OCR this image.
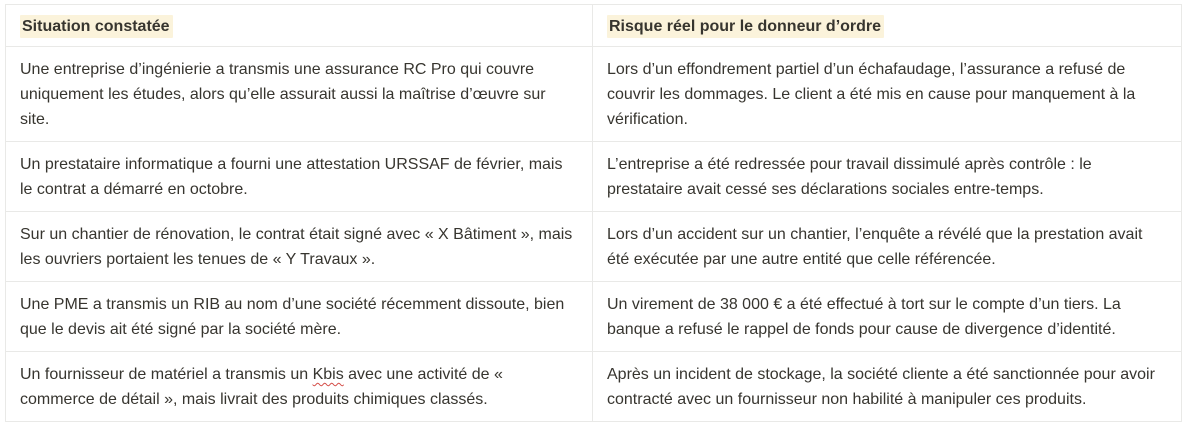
Situation constatée	Risque réel pour le donneur d’ordre
Une entreprise d’ingénierie a transmis une assurance RC Pro qui couvre uniquement les études, alors qu’elle assurait aussi la maîtrise d’œuvre sur site.
Lors d’un effondrement partiel d’un échafaudage, l’assurance a refusé de couvrir les dommages. Le client a été mis en cause pour manquement à la vérification.
Un prestataire informatique a fourni une attestation URSSAF de février, mais le contrat a démarré en octobre.
L’entreprise a été redressée pour travail dissimulé après contrôle : le prestataire avait cessé ses déclarations sociales entre-temps.
Sur un chantier de rénovation, le contrat était signé avec « X Bâtiment », mais les ouvriers portaient les tenues de « Y Travaux ».
Lors d’un accident sur un chantier, l’enquête a révélé que la prestation avait été exécutée par une autre entité que celle référencée.
Une PME a transmis un RIB au nom d’une société récemment dissoute, bien que le devis ait été signé par la société mère.
Un virement de 38 000 € a été effectué à tort sur le compte d’un tiers. La banque a refusé le rappel de fonds pour cause de divergence d’identité.
Un fournisseur de matériel a transmis un Kbis avec une activité de « commerce de détail », mais livrait des produits chimiques classés.
Après un incident de stockage, la société cliente a été sanctionnée pour avoir contracté avec un fournisseur non habilité à manipuler ces produits.
